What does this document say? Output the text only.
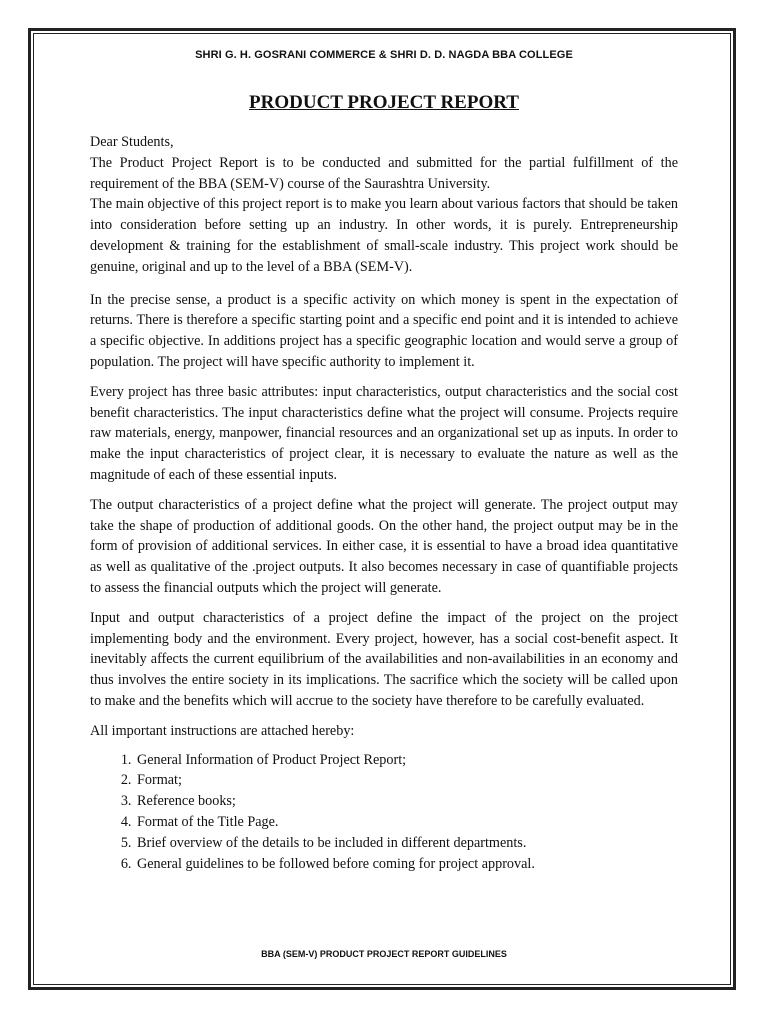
SHRI G. H. GOSRANI COMMERCE & SHRI D. D. NAGDA BBA COLLEGE
PRODUCT PROJECT REPORT

Dear Students,

The Product Project Report is to be conducted and submitted for the partial fulfillment of the requirement of the BBA (SEM-V) course of the Saurashtra University.

The main objective of this project report is to make you learn about various factors that should be taken into consideration before setting up an industry. In other words, it is purely. Entrepreneurship development & training for the establishment of small-scale industry. This project work should be genuine, original and up to the level of a BBA (SEM-V).

In the precise sense, a product is a specific activity on which money is spent in the expectation of returns. There is therefore a specific starting point and a specific end point and it is intended to achieve a specific objective. In additions project has a specific geographic location and would serve a group of population. The project will have specific authority to implement it.

Every project has three basic attributes: input characteristics, output characteristics and the social cost benefit characteristics. The input characteristics define what the project will consume. Projects require raw materials, energy, manpower, financial resources and an organizational set up as inputs. In order to make the input characteristics of project clear, it is necessary to evaluate the nature as well as the magnitude of each of these essential inputs.

The output characteristics of a project define what the project will generate. The project output may take the shape of production of additional goods. On the other hand, the project output may be in the form of provision of additional services. In either case, it is essential to have a broad idea quantitative as well as qualitative of the .project outputs. It also becomes necessary in case of quantifiable projects to assess the financial outputs which the project will generate.

Input and output characteristics of a project define the impact of the project on the project implementing body and the environment. Every project, however, has a social cost-benefit aspect. It inevitably affects the current equilibrium of the availabilities and non-availabilities in an economy and thus involves the entire society in its implications. The sacrifice which the society will be called upon to make and the benefits which will accrue to the society have therefore to be carefully evaluated.

All important instructions are attached hereby:

1. General Information of Product Project Report;
2. Format;
3. Reference books;
4. Format of the Title Page.
5. Brief overview of the details to be included in different departments.
6. General guidelines to be followed before coming for project approval.
BBA (SEM-V) PRODUCT PROJECT REPORT GUIDELINES
